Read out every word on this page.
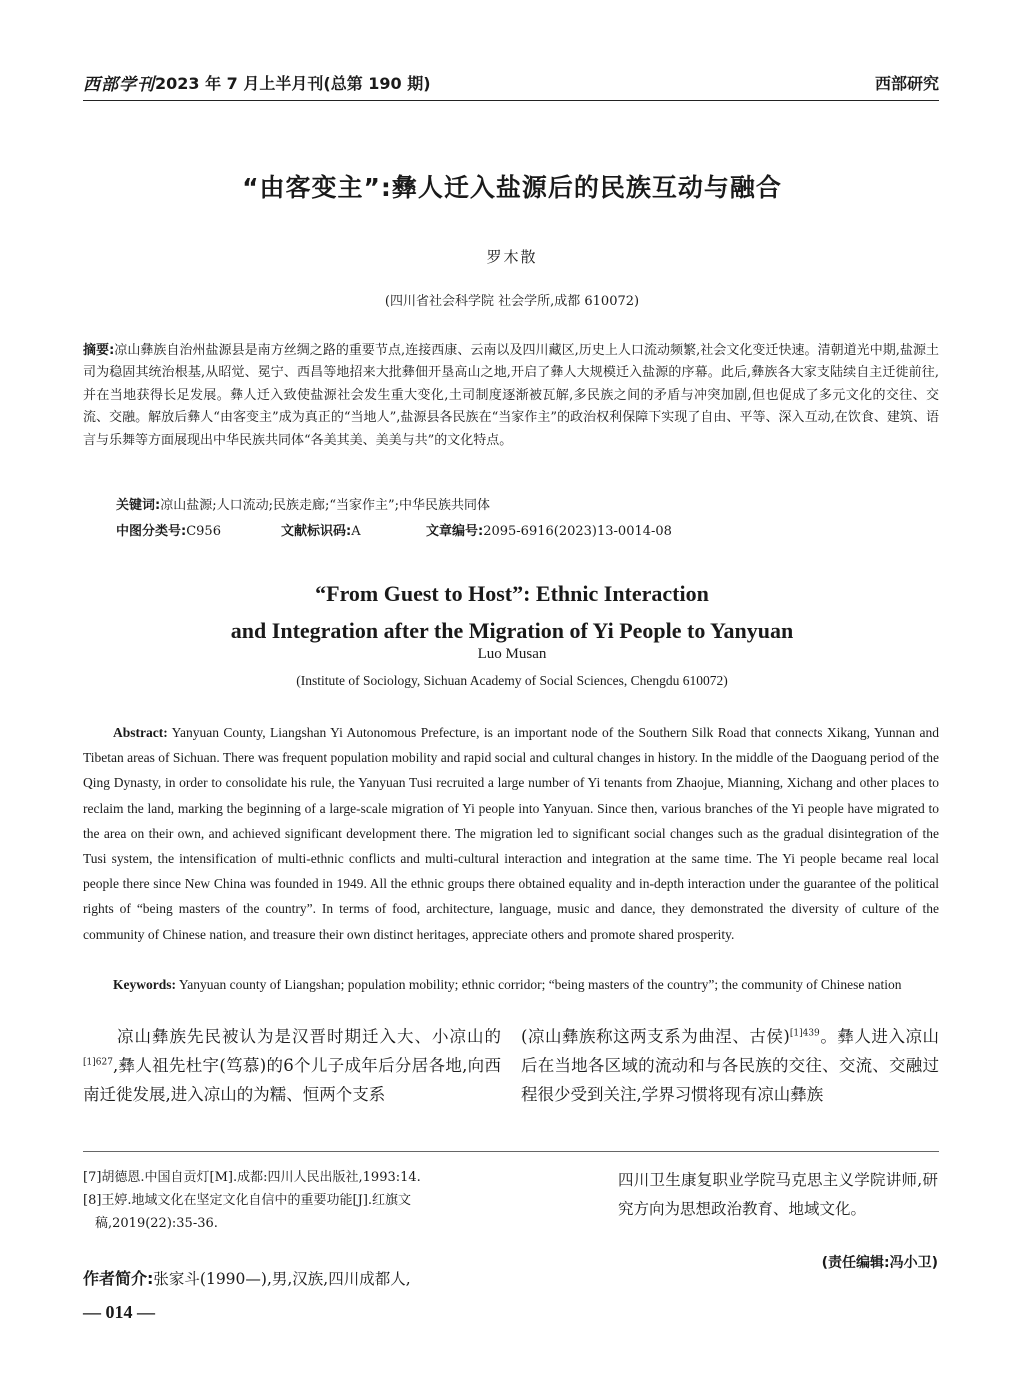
西部学刊 2023 年 7 月上半月刊(总第 190 期)	西部研究
“由客变主”:彝人迁入盐源后的民族互动与融合
罗木散
(四川省社会科学院 社会学所,成都 610072)
摘要:凉山彝族自治州盐源县是南方丝绸之路的重要节点,连接西康、云南以及四川藏区,历史上人口流动频繁,社会文化变迁快速。清朝道光中期,盐源土司为稳固其统治根基,从昭觉、冕宁、西昌等地招来大批彝佃开垦高山之地,开启了彝人大规模迁入盐源的序幕。此后,彝族各大家支陆续自主迁徙前往,并在当地获得长足发展。彝人迁入致使盐源社会发生重大变化,土司制度逐渐被瓦解,多民族之间的矛盾与冲突加剧,但也促成了多元文化的交往、交流、交融。解放后彝人“由客变主”成为真正的“当地人”,盐源县各民族在“当家作主”的政治权利保障下实现了自由、平等、深入互动,在饮食、建筑、语言与乐舞等方面展现出中华民族共同体“各美其美、美美与共”的文化特点。
关键词:凉山盐源;人口流动;民族走廊;“当家作主”;中华民族共同体
中图分类号:C956	文献标识码:A	文章编号:2095-6916(2023)13-0014-08
“From Guest to Host”: Ethnic Interaction
and Integration after the Migration of Yi People to Yanyuan
Luo Musan
(Institute of Sociology, Sichuan Academy of Social Sciences, Chengdu 610072)
Abstract: Yanyuan County, Liangshan Yi Autonomous Prefecture, is an important node of the Southern Silk Road that connects Xikang, Yunnan and Tibetan areas of Sichuan. There was frequent population mobility and rapid social and cultural changes in history. In the middle of the Daoguang period of the Qing Dynasty, in order to consolidate his rule, the Yanyuan Tusi recruited a large number of Yi tenants from Zhaojue, Mianning, Xichang and other places to reclaim the land, marking the beginning of a large-scale migration of Yi people into Yanyuan. Since then, various branches of the Yi people have migrated to the area on their own, and achieved significant development there. The migration led to significant social changes such as the gradual disintegration of the Tusi system, the intensification of multi-ethnic conflicts and multi-cultural interaction and integration at the same time. The Yi people became real local people there since New China was founded in 1949. All the ethnic groups there obtained equality and in-depth interaction under the guarantee of the political rights of “being masters of the country”. In terms of food, architecture, language, music and dance, they demonstrated the diversity of culture of the community of Chinese nation, and treasure their own distinct heritages, appreciate others and promote shared prosperity.
Keywords: Yanyuan county of Liangshan; population mobility; ethnic corridor; “being masters of the country”; the community of Chinese nation
凉山彝族先民被认为是汉晋时期迁入大、小凉山的$^{[1]627}$,彝人祖先杜宇(笃慕)的6个儿子成年后分居各地,向西南迁徙发展,进入凉山的为糯、恒两个支系
(凉山彝族称这两支系为曲涅、古侯)$^{[1]439}$。彝人进入凉山后在当地各区域的流动和与各民族的交往、交流、交融过程很少受到关注,学界习惯将现有凉山彝族
[7]胡德恩.中国自贡灯[M].成都:四川人民出版社,1993:14.
[8]王婷.地域文化在坚定文化自信中的重要功能[J].红旗文稿,2019(22):35-36.
四川卫生康复职业学院马克思主义学院讲师,研究方向为思想政治教育、地域文化。
(责任编辑:冯小卫)
作者简介:张家斗(1990—),男,汉族,四川成都人,
— 014 —
